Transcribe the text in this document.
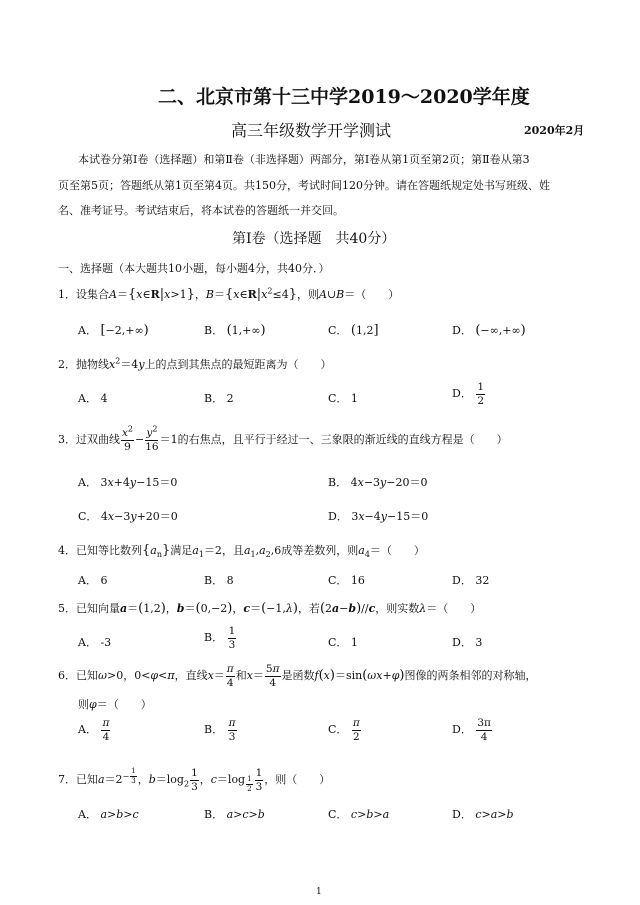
二、北京市第十三中学2019～2020学年度
高三年级数学开学测试	2020年2月
本试卷分第Ⅰ卷（选择题）和第Ⅱ卷（非选择题）两部分，第Ⅰ卷从第1页至第2页；第Ⅱ卷从第3
页至第5页；答题纸从第1页至第4页。共150分，考试时间120分钟。请在答题纸规定处书写班级、姓
名、准考证号。考试结束后，将本试卷的答题纸一并交回。
第Ⅰ卷（选择题　共40分）
一、选择题（本大题共10小题，每小题4分，共40分．）
1．设集合A＝{x∈R|x>1}，$B=\{x\in R|x^2\le 4\}$，则A∪B＝（　　）
A． [−2,+∞)	B． (1,+∞)	C． (1,2]	D． (−∞,+∞)
2．抛物线$x^2=4y$上的点到其焦点的最短距离为（　　）
A． 4	B． 2	C． 1	D． $\frac{1}{2}$
3．过双曲线 $\frac{x^2}{9} - \frac{y^2}{16} =1$的右焦点，且平行于经过一、三象限的渐近线的直线方程是（　　）
A． 3x+4y−15＝0	B． 4x−3y−20＝0
C． 4x−3y+20＝0	D． 3x−4y−15＝0
4．已知等比数列$\{a_n\}$满足$a_1=2$，且$a_1,a_2,6$成等差数列，则$a_4=$（　　）
A． 6	B． 8	C． 16	D． 32
5．已知向量a＝(1,2)，b＝(0,−2)，c＝(−1,λ)，若(2a−b)//c，则实数λ＝（　　）
A． -3	B． $\frac{1}{3}$	C． 1	D． 3
6．已知ω>0，0<φ<π，直线$x= \frac{\pi}{4}$ 和$x= \frac{5\pi}{4}$ 是函数f(x)＝sin(ωx+φ)图像的两条相邻的对称轴，
则φ＝（　　）
A． $\frac{\pi}{4}$	B． $\frac{\pi}{3}$	C． $\frac{\pi}{2}$	D． $\frac{3\pi}{4}$
7．已知$a=2^{- \frac{1}{3}}$ ，$b=\log_2 \frac{1}{3}$ ，c＝log $_{\frac{1}{2}} \frac{1}{3}$ ，则（　　）
A． a>b>c	B． a>c>b	C． c>b>a	D． c>a>b
1
